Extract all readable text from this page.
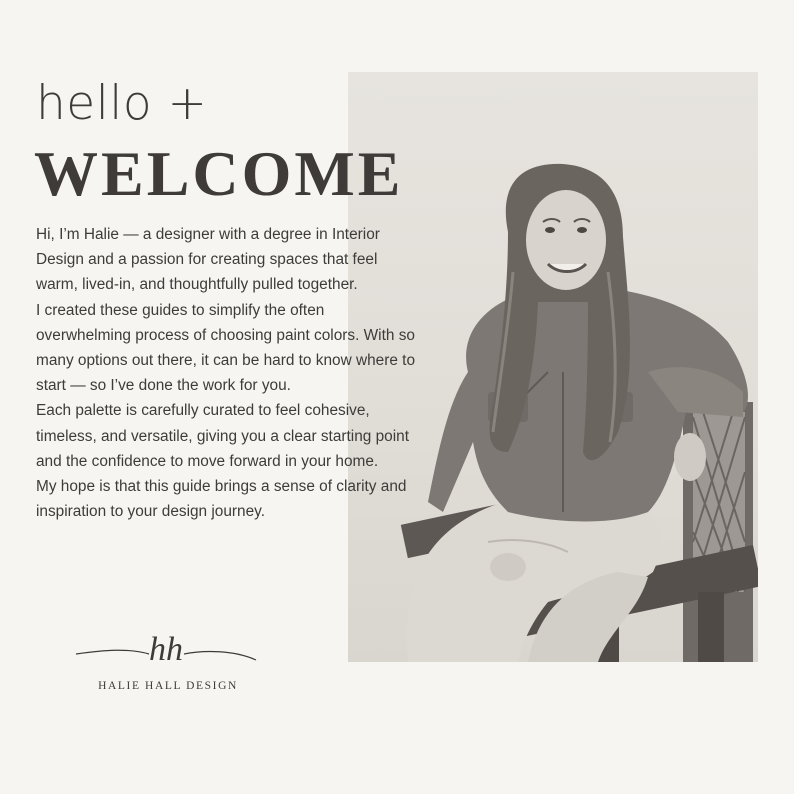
hello +
WELCOME

Hi, I’m Halie — a designer with a degree in Interior Design and a passion for creating spaces that feel warm, lived-in, and thoughtfully pulled together.

I created these guides to simplify the often overwhelming process of choosing paint colors. With so many options out there, it can be hard to know where to start — so I’ve done the work for you.

Each palette is carefully curated to feel cohesive, timeless, and versatile, giving you a clear starting point and the confidence to move forward in your home.

My hope is that this guide brings a sense of clarity and inspiration to your design journey.

hh
HALIE HALL DESIGN
